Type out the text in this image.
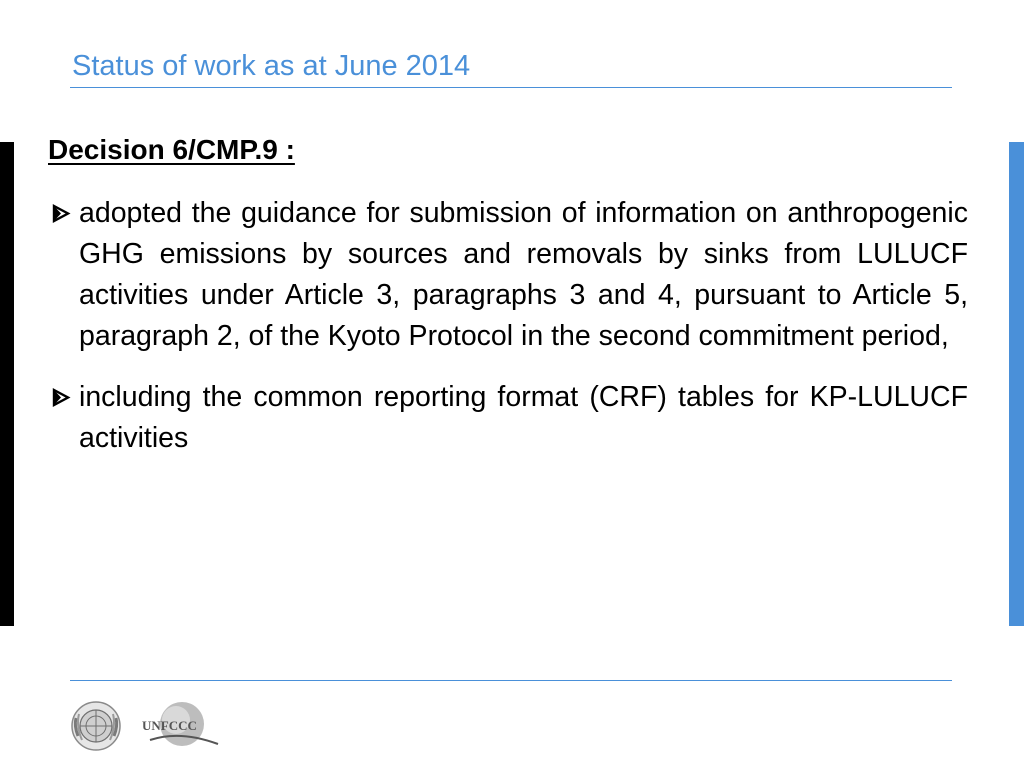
Status of work as at June 2014
Decision 6/CMP.9 :
adopted the guidance for submission of information on anthropogenic GHG emissions by sources and removals by sinks from LULUCF activities under Article 3, paragraphs 3 and 4, pursuant to Article 5, paragraph 2, of the Kyoto Protocol in the second commitment period,
including the common reporting format (CRF) tables for KP-LULUCF activities
UNFCCC
